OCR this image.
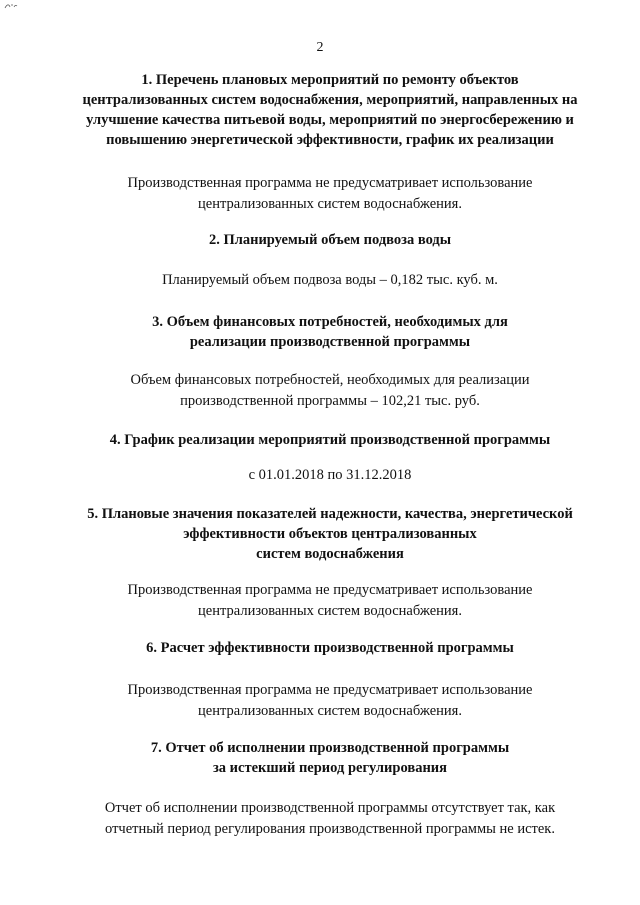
2
1. Перечень плановых мероприятий по ремонту объектов
централизованных систем водоснабжения, мероприятий, направленных на
улучшение качества питьевой воды, мероприятий по энергосбережению и
повышению энергетической эффективности, график их реализации
Производственная программа не предусматривает использование
централизованных систем водоснабжения.
2. Планируемый объем подвоза воды
Планируемый объем подвоза воды – 0,182 тыс. куб. м.
3. Объем финансовых потребностей, необходимых для
реализации производственной программы
Объем финансовых потребностей, необходимых для реализации
производственной программы – 102,21 тыс. руб.
4. График реализации мероприятий производственной программы
с 01.01.2018 по 31.12.2018
5. Плановые значения показателей надежности, качества, энергетической
эффективности объектов централизованных
систем водоснабжения
Производственная программа не предусматривает использование
централизованных систем водоснабжения.
6. Расчет эффективности производственной программы
Производственная программа не предусматривает использование
централизованных систем водоснабжения.
7. Отчет об исполнении производственной программы
за истекший период регулирования
Отчет об исполнении производственной программы отсутствует так, как
отчетный период регулирования производственной программы не истек.
